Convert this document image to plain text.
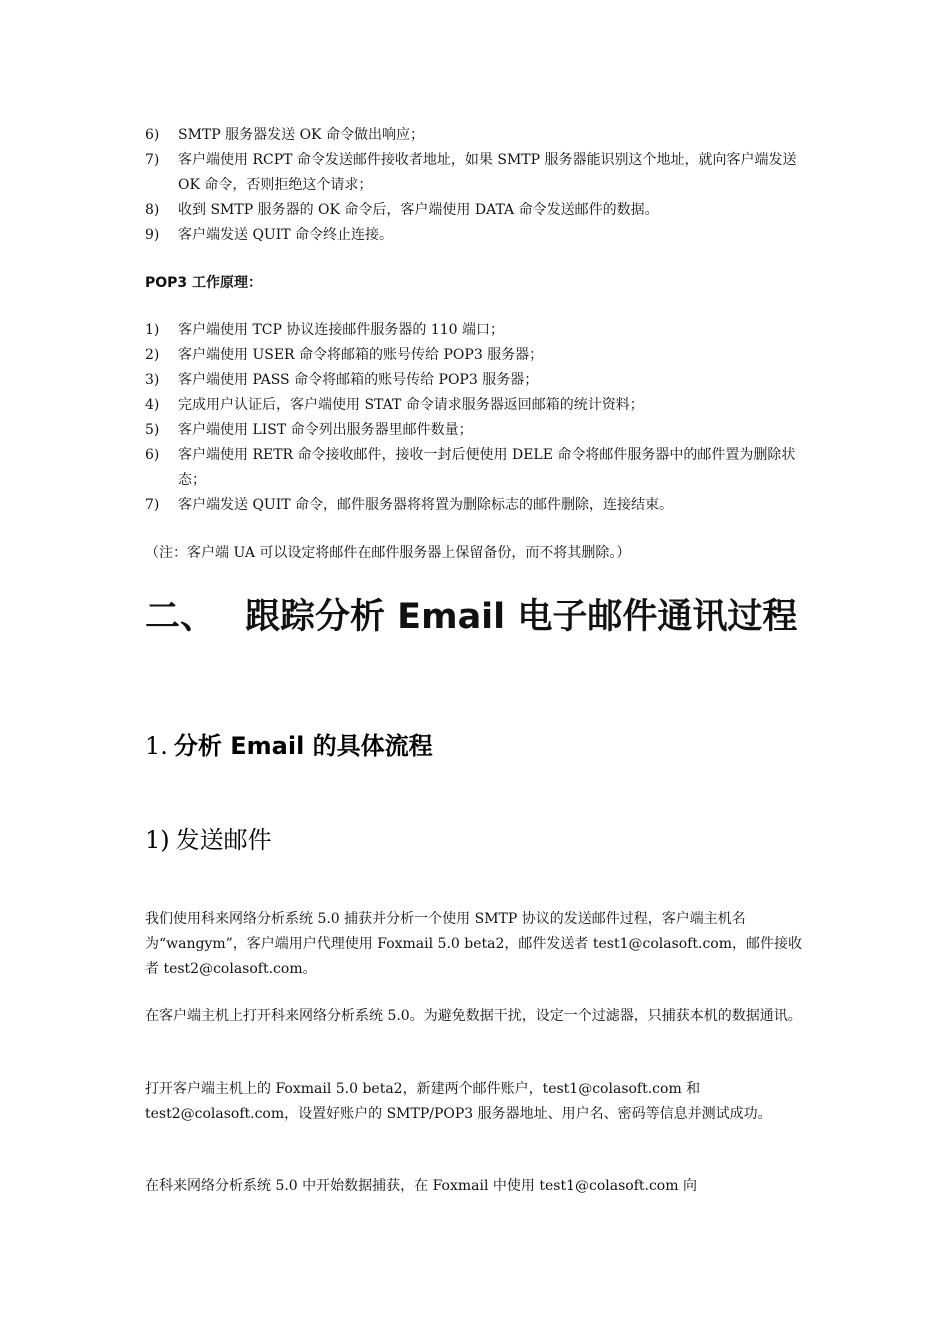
6)	SMTP 服务器发送 OK 命令做出响应；
7)	客户端使用 RCPT 命令发送邮件接收者地址，如果 SMTP 服务器能识别这个地址，就向客户端发送 OK 命令，否则拒绝这个请求；
8)	收到 SMTP 服务器的 OK 命令后，客户端使用 DATA 命令发送邮件的数据。
9)	客户端发送 QUIT 命令终止连接。
POP3 工作原理：
1)	客户端使用 TCP 协议连接邮件服务器的 110 端口；
2)	客户端使用 USER 命令将邮箱的账号传给 POP3 服务器；
3)	客户端使用 PASS 命令将邮箱的账号传给 POP3 服务器；
4)	完成用户认证后，客户端使用 STAT 命令请求服务器返回邮箱的统计资料；
5)	客户端使用 LIST 命令列出服务器里邮件数量；
6)	客户端使用 RETR 命令接收邮件，接收一封后便使用 DELE 命令将邮件服务器中的邮件置为删除状态；
7)	客户端发送 QUIT 命令，邮件服务器将将置为删除标志的邮件删除，连接结束。
（注：客户端 UA 可以设定将邮件在邮件服务器上保留备份，而不将其删除。）
二、 跟踪分析 Email 电子邮件通讯过程
1. 分析 Email 的具体流程
1) 发送邮件
我们使用科来网络分析系统 5.0 捕获并分析一个使用 SMTP 协议的发送邮件过程，客户端主机名为“wangym”，客户端用户代理使用 Foxmail 5.0 beta2，邮件发送者 test1@colasoft.com，邮件接收者 test2@colasoft.com。
在客户端主机上打开科来网络分析系统 5.0。为避免数据干扰，设定一个过滤器，只捕获本机的数据通讯。
打开客户端主机上的 Foxmail 5.0 beta2，新建两个邮件账户，test1@colasoft.com 和 test2@colasoft.com，设置好账户的 SMTP/POP3 服务器地址、用户名、密码等信息并测试成功。
在科来网络分析系统 5.0 中开始数据捕获，在 Foxmail 中使用 test1@colasoft.com 向
